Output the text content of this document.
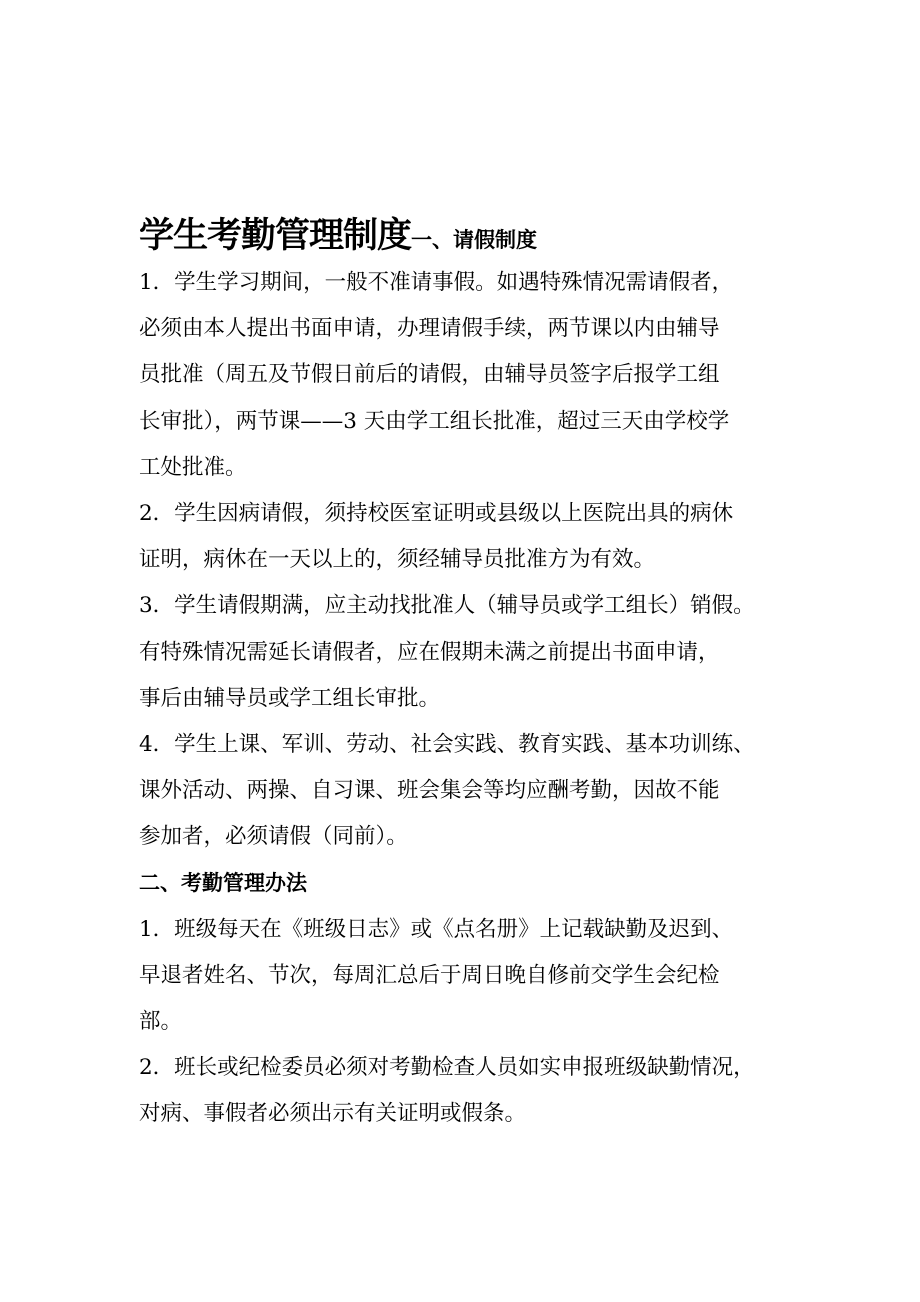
学生考勤管理制度一、请假制度
1．学生学习期间，一般不准请事假。如遇特殊情况需请假者，
必须由本人提出书面申请，办理请假手续，两节课以内由辅导
员批准（周五及节假日前后的请假，由辅导员签字后报学工组
长审批），两节课——3 天由学工组长批准，超过三天由学校学
工处批准。
2．学生因病请假，须持校医室证明或县级以上医院出具的病休
证明，病休在一天以上的，须经辅导员批准方为有效。
3．学生请假期满，应主动找批准人（辅导员或学工组长）销假。
有特殊情况需延长请假者，应在假期未满之前提出书面申请，
事后由辅导员或学工组长审批。
4．学生上课、军训、劳动、社会实践、教育实践、基本功训练、
课外活动、两操、自习课、班会集会等均应酬考勤，因故不能
参加者，必须请假（同前）。
二、考勤管理办法
1．班级每天在《班级日志》或《点名册》上记载缺勤及迟到、
早退者姓名、节次，每周汇总后于周日晚自修前交学生会纪检
部。
2．班长或纪检委员必须对考勤检查人员如实申报班级缺勤情况，
对病、事假者必须出示有关证明或假条。
